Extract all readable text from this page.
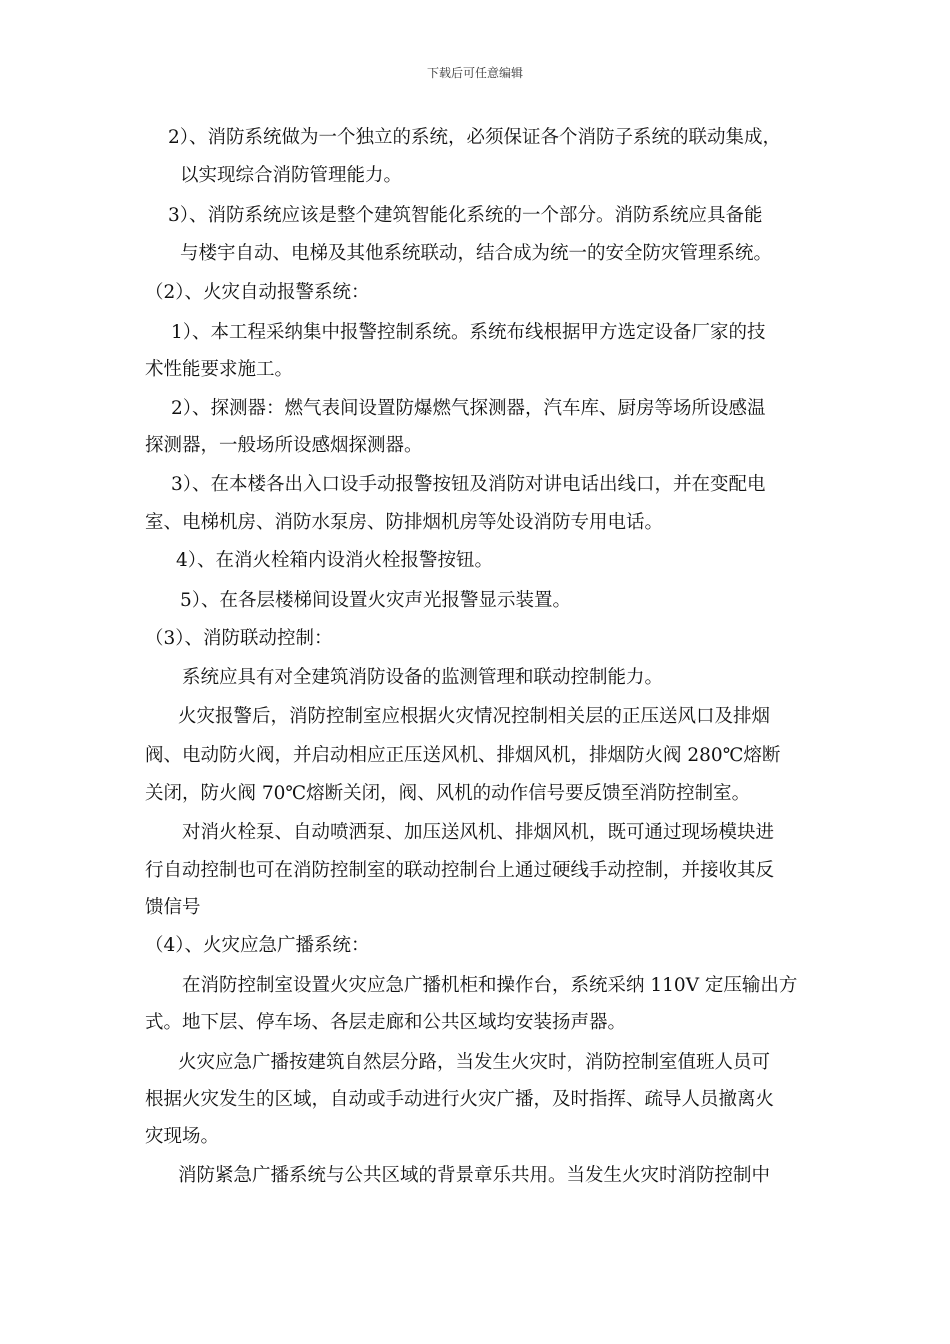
下载后可任意编辑
2）、消防系统做为一个独立的系统，必须保证各个消防子系统的联动集成，
以实现综合消防管理能力。
3）、消防系统应该是整个建筑智能化系统的一个部分。消防系统应具备能
与楼宇自动、电梯及其他系统联动，结合成为统一的安全防灾管理系统。
（2）、火灾自动报警系统：
1）、本工程采纳集中报警控制系统。系统布线根据甲方选定设备厂家的技
术性能要求施工。
2）、探测器：燃气表间设置防爆燃气探测器，汽车库、厨房等场所设感温
探测器，一般场所设感烟探测器。
3）、在本楼各出入口设手动报警按钮及消防对讲电话出线口，并在变配电
室、电梯机房、消防水泵房、防排烟机房等处设消防专用电话。
4）、在消火栓箱内设消火栓报警按钮。
5）、在各层楼梯间设置火灾声光报警显示装置。
（3）、消防联动控制：
系统应具有对全建筑消防设备的监测管理和联动控制能力。
火灾报警后，消防控制室应根据火灾情况控制相关层的正压送风口及排烟
阀、电动防火阀，并启动相应正压送风机、排烟风机，排烟防火阀 280℃熔断
关闭，防火阀 70℃熔断关闭，阀、风机的动作信号要反馈至消防控制室。
对消火栓泵、自动喷洒泵、加压送风机、排烟风机，既可通过现场模块进
行自动控制也可在消防控制室的联动控制台上通过硬线手动控制，并接收其反
馈信号
（4）、火灾应急广播系统：
在消防控制室设置火灾应急广播机柜和操作台，系统采纳 110V 定压输出方
式。地下层、停车场、各层走廊和公共区域均安装扬声器。
火灾应急广播按建筑自然层分路，当发生火灾时，消防控制室值班人员可
根据火灾发生的区域，自动或手动进行火灾广播，及时指挥、疏导人员撤离火
灾现场。
消防紧急广播系统与公共区域的背景章乐共用。当发生火灾时消防控制中
